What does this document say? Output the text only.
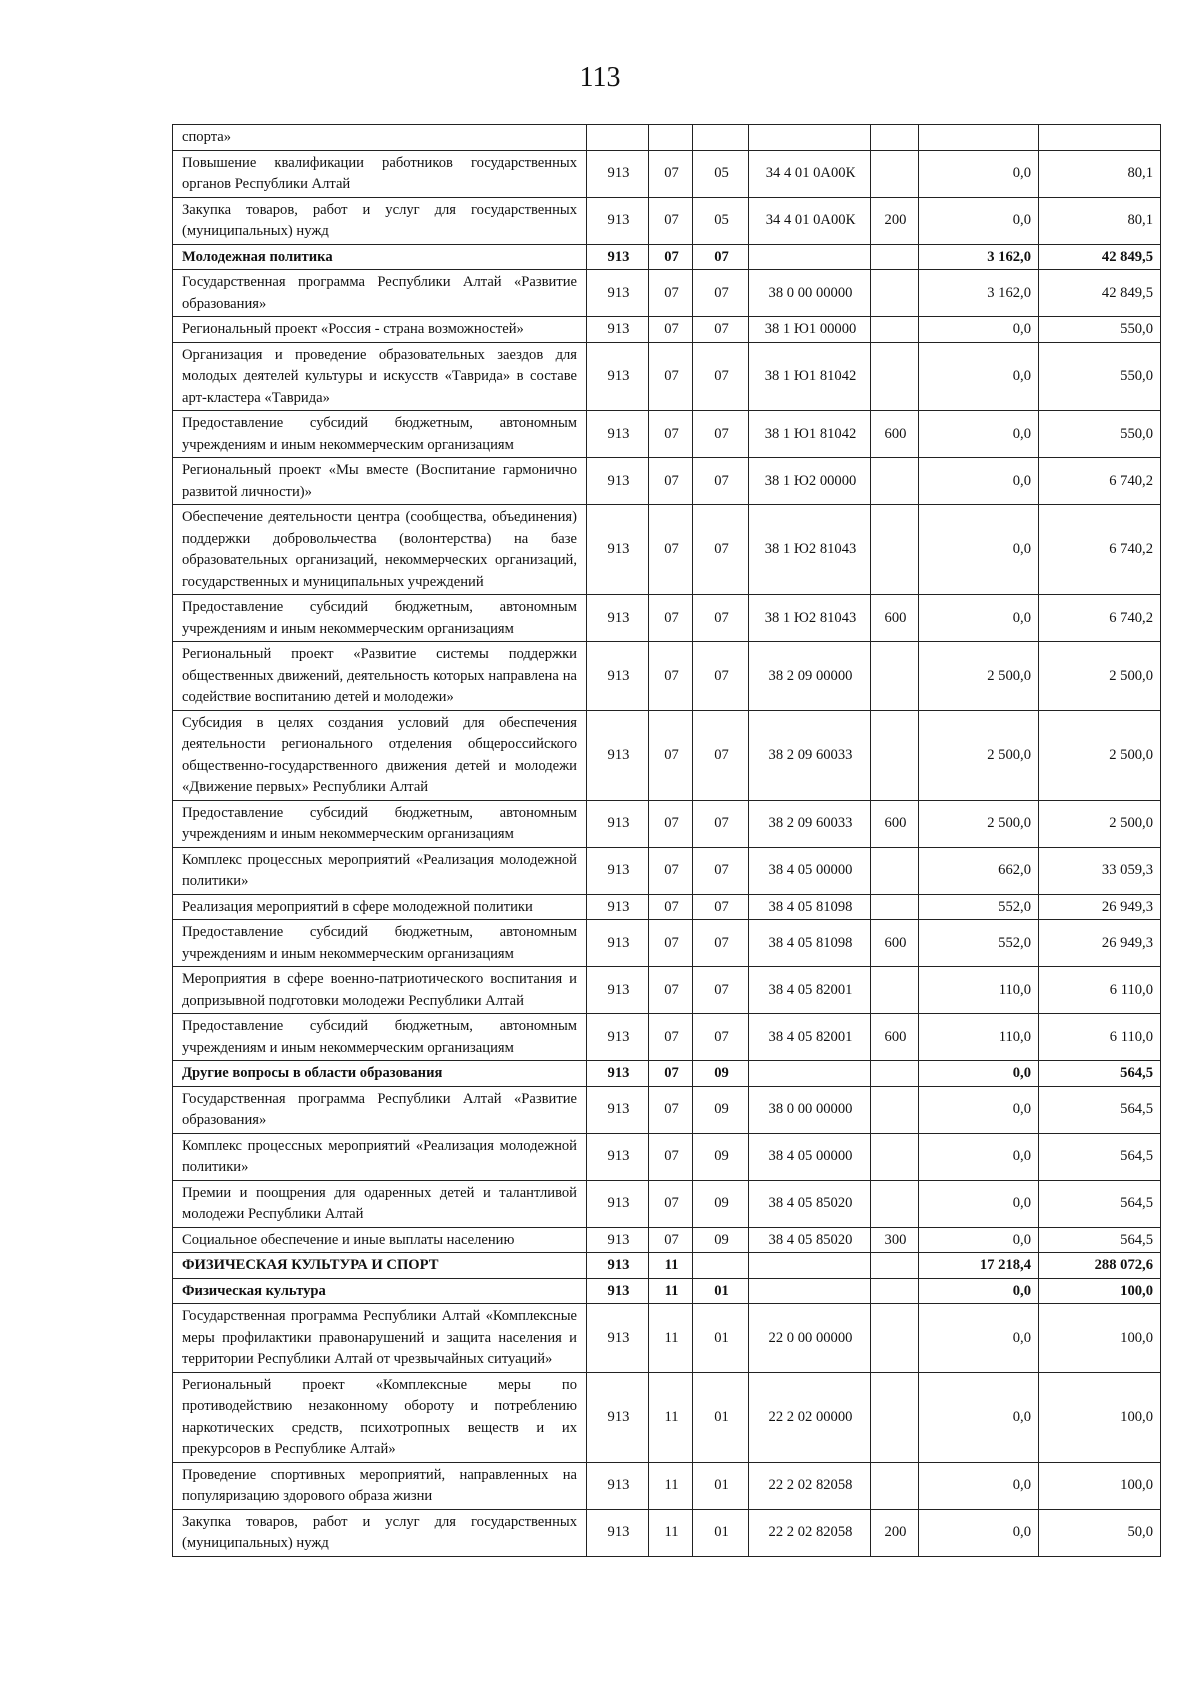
113
спорта»							
Повышение квалификации работников государственных органов Республики Алтай	913	07	05	34 4 01 0А00К		0,0	80,1
Закупка товаров, работ и услуг для государственных (муниципальных) нужд	913	07	05	34 4 01 0А00К	200	0,0	80,1
Молодежная политика	913	07	07			3 162,0	42 849,5
Государственная программа Республики Алтай «Развитие образования»	913	07	07	38 0 00 00000		3 162,0	42 849,5
Региональный проект «Россия - страна возможностей»	913	07	07	38 1 Ю1 00000		0,0	550,0
Организация и проведение образовательных заездов для молодых деятелей культуры и искусств «Таврида» в составе арт-кластера «Таврида»	913	07	07	38 1 Ю1 81042		0,0	550,0
Предоставление субсидий бюджетным, автономным учреждениям и иным некоммерческим организациям	913	07	07	38 1 Ю1 81042	600	0,0	550,0
Региональный проект «Мы вместе (Воспитание гармонично развитой личности)»	913	07	07	38 1 Ю2 00000		0,0	6 740,2
Обеспечение деятельности центра (сообщества, объединения) поддержки добровольчества (волонтерства) на базе образовательных организаций, некоммерческих организаций, государственных и муниципальных учреждений	913	07	07	38 1 Ю2 81043		0,0	6 740,2
Предоставление субсидий бюджетным, автономным учреждениям и иным некоммерческим организациям	913	07	07	38 1 Ю2 81043	600	0,0	6 740,2
Региональный проект «Развитие системы поддержки общественных движений, деятельность которых направлена на содействие воспитанию детей и молодежи»	913	07	07	38 2 09 00000		2 500,0	2 500,0
Субсидия в целях создания условий для обеспечения деятельности регионального отделения общероссийского общественно-государственного движения детей и молодежи «Движение первых» Республики Алтай	913	07	07	38 2 09 60033		2 500,0	2 500,0
Предоставление субсидий бюджетным, автономным учреждениям и иным некоммерческим организациям	913	07	07	38 2 09 60033	600	2 500,0	2 500,0
Комплекс процессных мероприятий «Реализация молодежной политики»	913	07	07	38 4 05 00000		662,0	33 059,3
Реализация мероприятий в сфере молодежной политики	913	07	07	38 4 05 81098		552,0	26 949,3
Предоставление субсидий бюджетным, автономным учреждениям и иным некоммерческим организациям	913	07	07	38 4 05 81098	600	552,0	26 949,3
Мероприятия в сфере военно-патриотического воспитания и допризывной подготовки молодежи Республики Алтай	913	07	07	38 4 05 82001		110,0	6 110,0
Предоставление субсидий бюджетным, автономным учреждениям и иным некоммерческим организациям	913	07	07	38 4 05 82001	600	110,0	6 110,0
Другие вопросы в области образования	913	07	09			0,0	564,5
Государственная программа Республики Алтай «Развитие образования»	913	07	09	38 0 00 00000		0,0	564,5
Комплекс процессных мероприятий «Реализация молодежной политики»	913	07	09	38 4 05 00000		0,0	564,5
Премии и поощрения для одаренных детей и талантливой молодежи Республики Алтай	913	07	09	38 4 05 85020		0,0	564,5
Социальное обеспечение и иные выплаты населению	913	07	09	38 4 05 85020	300	0,0	564,5
ФИЗИЧЕСКАЯ КУЛЬТУРА И СПОРТ	913	11				17 218,4	288 072,6
Физическая культура	913	11	01			0,0	100,0
Государственная программа Республики Алтай «Комплексные меры профилактики правонарушений и защита населения и территории Республики Алтай от чрезвычайных ситуаций»	913	11	01	22 0 00 00000		0,0	100,0
Региональный проект «Комплексные меры по противодействию незаконному обороту и потреблению наркотических средств, психотропных веществ и их прекурсоров в Республике Алтай»	913	11	01	22 2 02 00000		0,0	100,0
Проведение спортивных мероприятий, направленных на популяризацию здорового образа жизни	913	11	01	22 2 02 82058		0,0	100,0
Закупка товаров, работ и услуг для государственных (муниципальных) нужд	913	11	01	22 2 02 82058	200	0,0	50,0
